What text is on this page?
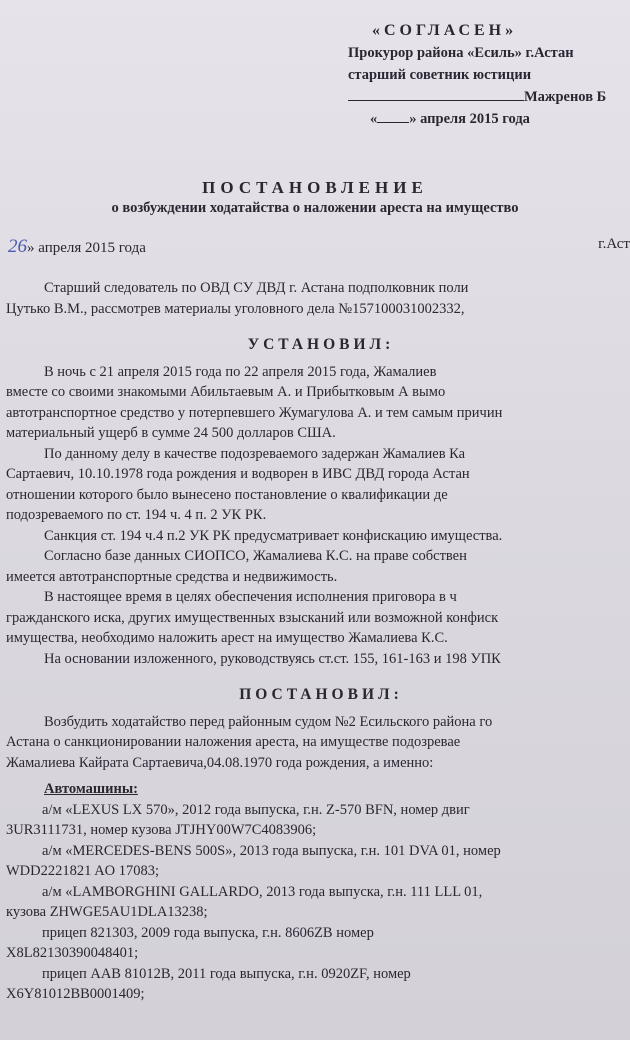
«СОГЛАСЕН»
Прокурор района «Есиль» г.Астан
старший советник юстиции
Мажренов Б
« » апреля 2015 года
ПОСТАНОВЛЕНИЕ
о возбуждении ходатайства о наложении ареста на имущество
26» апреля 2015 года	г.Аст

Старший следователь по ОВД СУ ДВД г. Астана подполковник поли

Цутько В.М., рассмотрев материалы уголовного дела №157100031002332,

УСТАНОВИЛ:

В ночь с 21 апреля 2015 года по 22 апреля 2015 года, Жамалиев

вместе со своими знакомыми Абильтаевым А. и Прибытковым А вымо

автотранспортное средство у потерпевшего Жумагулова А. и тем самым причин

материальный ущерб в сумме 24 500 долларов США.

По данному делу в качестве подозреваемого задержан Жамалиев Ка

Сартаевич, 10.10.1978 года рождения и водворен в ИВС ДВД города Астан

отношении которого было вынесено постановление о квалификации де

подозреваемого по ст. 194 ч. 4 п. 2 УК РК.

Санкция ст. 194 ч.4 п.2 УК РК предусматривает конфискацию имущества.

Согласно базе данных СИОПСО, Жамалиева К.С. на праве собствен

имеется автотранспортные средства и недвижимость.

В настоящее время в целях обеспечения исполнения приговора в ч

гражданского иска, других имущественных взысканий или возможной конфиск

имущества, необходимо наложить арест на имущество Жамалиева К.С.

На основании изложенного, руководствуясь ст.ст. 155, 161-163 и 198 УПК

ПОСТАНОВИЛ:

Возбудить ходатайство перед районным судом №2 Есильского района го

Астана о санкционировании наложения ареста, на имуществе подозревае

Жамалиева Кайрата Сартаевича,04.08.1970 года рождения, а именно:

Автомашины:

а/м «LEXUS LX 570», 2012 года выпуска, г.н. Z-570 BFN, номер двиг

3UR3111731, номер кузова JTJHY00W7C4083906;

а/м «MERCEDES-BENS 500S», 2013 года выпуска, г.н. 101 DVA 01, номер

WDD2221821 AO 17083;

а/м «LAMBORGHINI GALLARDO, 2013 года выпуска, г.н. 111 LLL 01,

кузова ZHWGE5AU1DLA13238;

прицеп 821303, 2009 года выпуска, г.н. 8606ZB номер

X8L82130390048401;

прицеп AAB 81012B, 2011 года выпуска, г.н. 0920ZF, номер

X6Y81012BB0001409;
